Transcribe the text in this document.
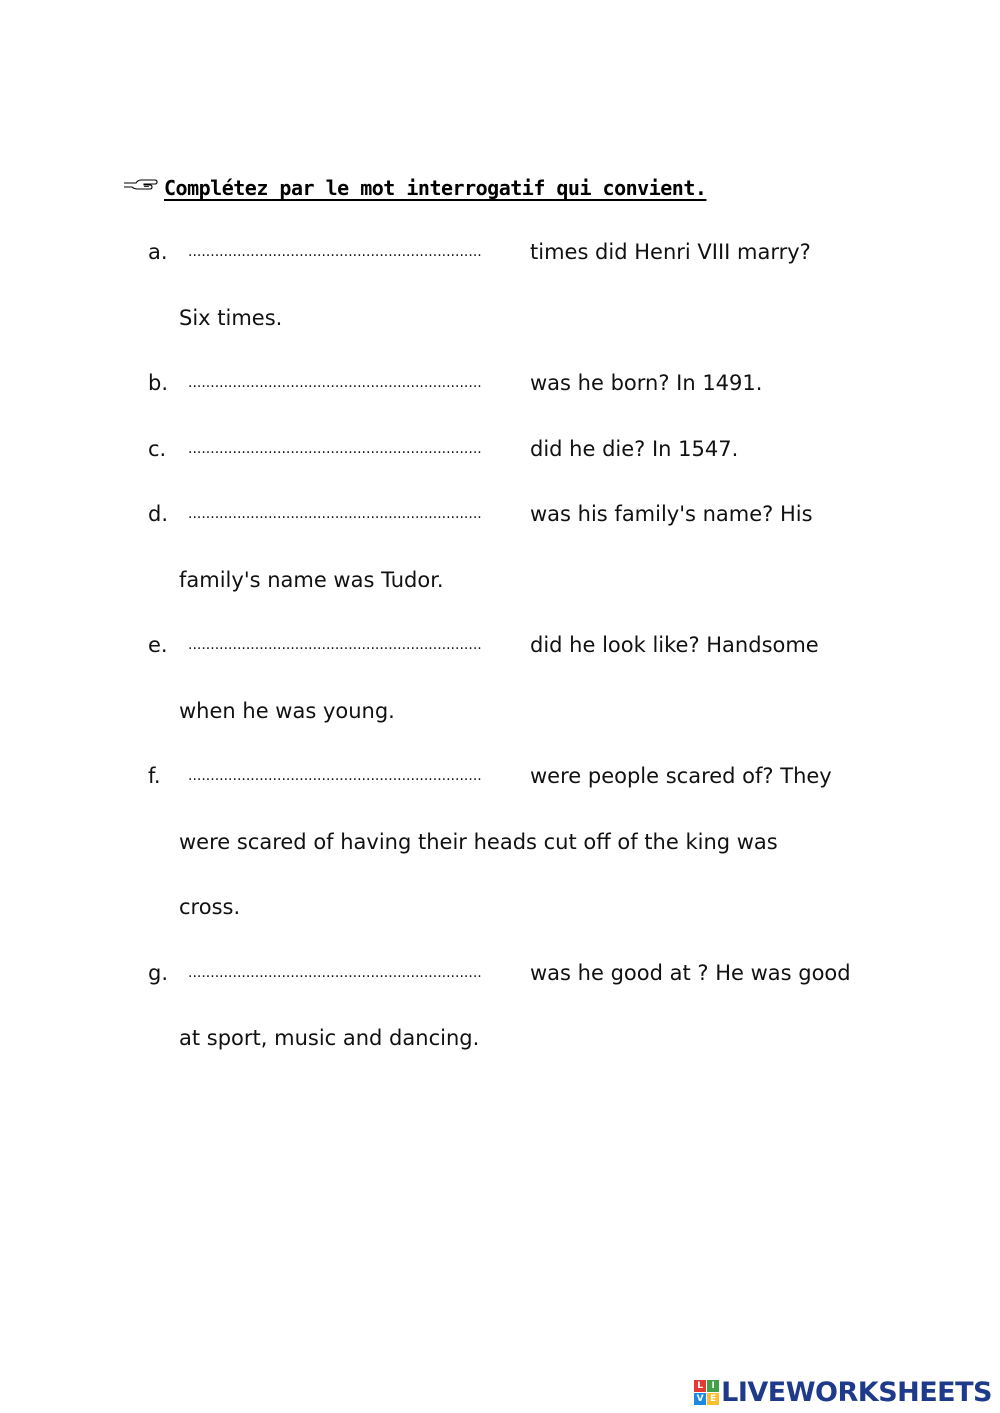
Complétez par le mot interrogatif qui convient.
a.	..................................................................	times did Henri VIII marry?
Six times.
b.	..................................................................	was he born? In 1491.
c.	..................................................................	did he die? In 1547.
d.	..................................................................	was his family's name? His
family's name was Tudor.
e.	..................................................................	did he look like? Handsome
when he was young.
f.	..................................................................	were people scared of? They
were scared of having their heads cut off of the king was
cross.
g.	..................................................................	was he good at ? He was good
at sport, music and dancing.
L I
V E LIVEWORKSHEETS
